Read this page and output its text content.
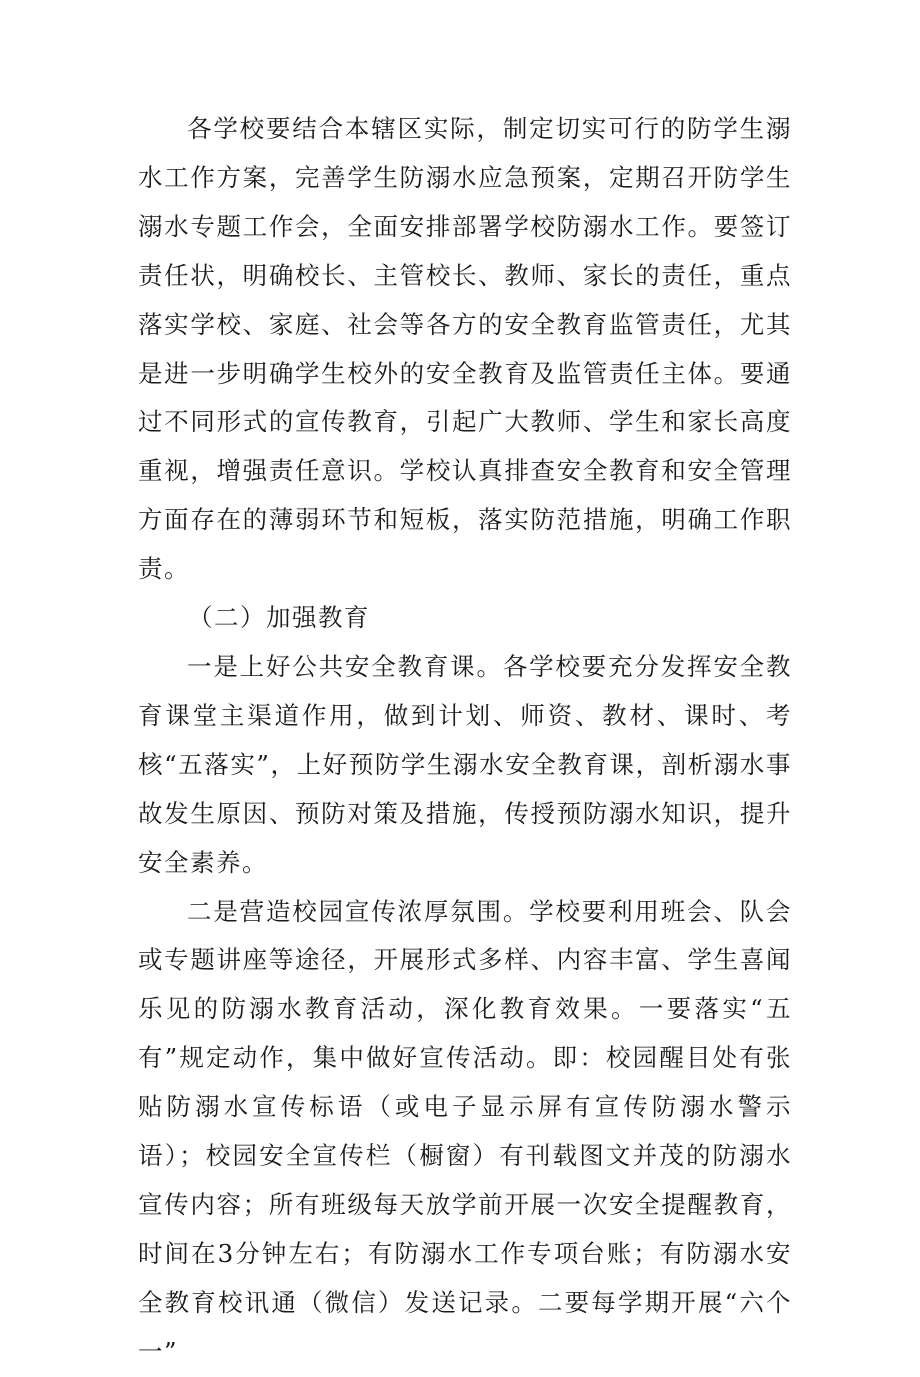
各学校要结合本辖区实际，制定切实可行的防学生溺水工作方案，完善学生防溺水应急预案，定期召开防学生溺水专题工作会，全面安排部署学校防溺水工作。要签订责任状，明确校长、主管校长、教师、家长的责任，重点落实学校、家庭、社会等各方的安全教育监管责任，尤其是进一步明确学生校外的安全教育及监管责任主体。要通过不同形式的宣传教育，引起广大教师、学生和家长高度重视，增强责任意识。学校认真排查安全教育和安全管理方面存在的薄弱环节和短板，落实防范措施，明确工作职责。

（二）加强教育

一是上好公共安全教育课。各学校要充分发挥安全教育课堂主渠道作用，做到计划、师资、教材、课时、考核“五落实”，上好预防学生溺水安全教育课，剖析溺水事故发生原因、预防对策及措施，传授预防溺水知识，提升安全素养。

二是营造校园宣传浓厚氛围。学校要利用班会、队会或专题讲座等途径，开展形式多样、内容丰富、学生喜闻乐见的防溺水教育活动，深化教育效果。一要落实“五有”规定动作，集中做好宣传活动。即：校园醒目处有张贴防溺水宣传标语（或电子显示屏有宣传防溺水警示语）；校园安全宣传栏（橱窗）有刊载图文并茂的防溺水宣传内容；所有班级每天放学前开展一次安全提醒教育，时间在3分钟左右；有防溺水工作专项台账；有防溺水安全教育校讯通（微信）发送记录。二要每学期开展“六个一”
